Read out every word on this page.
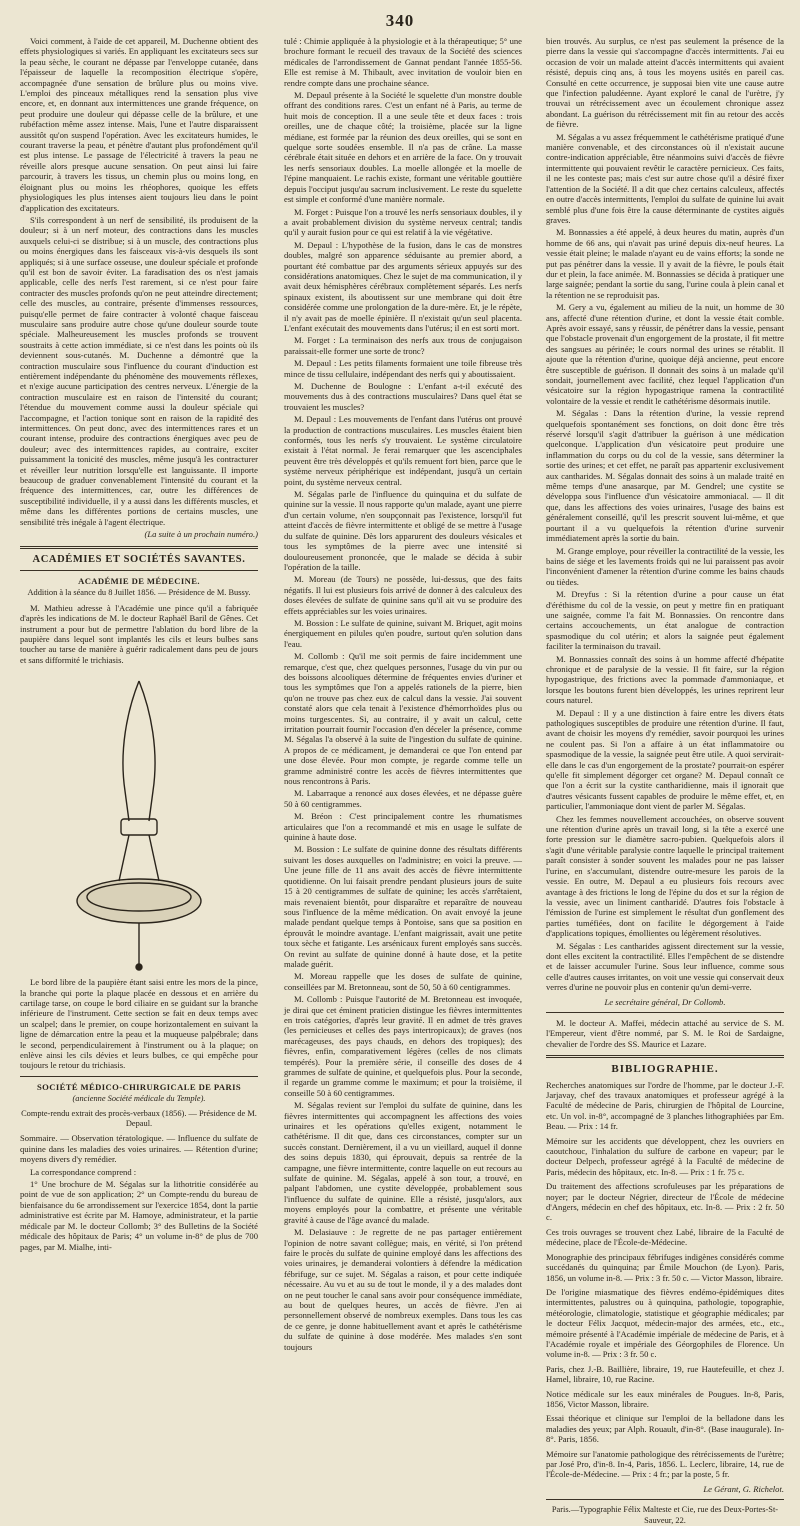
340

Voici comment, à l'aide de cet appareil, M. Duchenne obtient des effets physiologiques si variés. En appliquant les excitateurs secs sur la peau sèche, le courant ne dépasse par l'enveloppe cutanée, dans l'épaisseur de laquelle la recomposition électrique s'opère, accompagnée d'une sensation de brûlure plus ou moins vive. L'emploi des pinceaux métalliques rend la sensation plus vive encore, et, en donnant aux intermittences une grande fréquence, on peut produire une douleur qui dépasse celle de la brûlure, et une rubéfaction même assez intense. Mais, l'une et l'autre disparaissent aussitôt qu'on suspend l'opération. Avec les excitateurs humides, le courant traverse la peau, et pénètre d'autant plus profondément qu'il est plus intense. Le passage de l'électricité à travers la peau ne réveille alors presque aucune sensation. On peut ainsi lui faire parcourir, à travers les tissus, un chemin plus ou moins long, en éloignant plus ou moins les rhéophores, quoique les effets physiologiques les plus intenses aient toujours lieu dans le point d'application des excitateurs.

S'ils correspondent à un nerf de sensibilité, ils produisent de la douleur; si à un nerf moteur, des contractions dans les muscles auxquels celui-ci se distribue; si à un muscle, des contractions plus ou moins énergiques dans les faisceaux vis-à-vis desquels ils sont appliqués; si à une surface osseuse, une douleur spéciale et profonde qu'il est bon de savoir éviter. La faradisation des os n'est jamais applicable, celle des nerfs l'est rarement, si ce n'est pour faire contracter des muscles profonds qu'on ne peut atteindre directement; celle des muscles, au contraire, présente d'immenses ressources, puisqu'elle permet de faire contracter à volonté chaque faisceau musculaire sans produire autre chose qu'une douleur sourde toute spéciale. Malheureusement les muscles profonds se trouvent soustraits à cette action immédiate, si ce n'est dans les points où ils deviennent sous-cutanés. M. Duchenne a démontré que la contraction musculaire sous l'influence du courant d'induction est entièrement indépendante du phénomène des mouvements réflexes, et n'exige aucune participation des centres nerveux. L'énergie de la contraction musculaire est en raison de l'intensité du courant; l'étendue du mouvement comme aussi la douleur spéciale qui l'accompagne, et l'action tonique sont en raison de la rapidité des intermittences. On peut donc, avec des intermittences rares et un courant intense, produire des contractions énergiques avec peu de douleur; avec des intermittences rapides, au contraire, exciter puissamment la tonicité des muscles, même jusqu'à les contracturer et réveiller leur nutrition lorsqu'elle est languissante. Il importe beaucoup de graduer convenablement l'intensité du courant et la fréquence des intermittences, car, outre les différences de susceptibilité individuelle, il y a aussi dans les différents muscles, et même dans les différentes portions de certains muscles, une sensibilité très inégale à l'agent électrique.

(La suite à un prochain numéro.)
ACADÉMIES ET SOCIÉTÉS SAVANTES.
ACADÉMIE DE MÉDECINE.
Addition à la séance du 8 Juillet 1856. — Présidence de M. Bussy.

M. Mathieu adresse à l'Académie une pince qu'il a fabriquée d'après les indications de M. le docteur Raphaël Baril de Gênes. Cet instrument a pour but de permettre l'ablation du bord libre de la paupière dans lequel sont implantés les cils et leurs bulbes sans toucher au tarse de manière à guérir radicalement dans peu de jours et sans difformité le trichiasis.

Le bord libre de la paupière étant saisi entre les mors de la pince, la branche qui porte la plaque placée en dessous et en arrière du cartilage tarse, on coupe le bord ciliaire en se guidant sur la branche inférieure de l'instrument. Cette section se fait en deux temps avec un scalpel; dans le premier, on coupe horizontalement en suivant la ligne de démarcation entre la peau et la muqueuse palpébrale; dans le second, perpendiculairement à l'instrument ou à la plaque; on enlève ainsi les cils dévies et leurs bulbes, ce qui empêche pour toujours le retour du trichiasis.

SOCIÉTÉ MÉDICO-CHIRURGICALE DE PARIS
(ancienne Société médicale du Temple).
Compte-rendu extrait des procès-verbaux (1856). — Présidence de M. Depaul.

Sommaire. — Observation tératologique. — Influence du sulfate de quinine dans les maladies des voies urinaires. — Rétention d'urine; moyens divers d'y remédier.

La correspondance comprend :

1° Une brochure de M. Ségalas sur la lithotritie considérée au point de vue de son application; 2° un Compte-rendu du bureau de bienfaisance du 6e arrondissement sur l'exercice 1854, dont la partie administrative est écrite par M. Hamoye, administrateur, et la partie médicale par M. le docteur Collomb; 3° des Bulletins de la Société médicale des hôpitaux de Paris; 4° un volume in-8° de plus de 700 pages, par M. Mialhe, inti-

tulé : Chimie appliquée à la physiologie et à la thérapeutique; 5° une brochure formant le recueil des travaux de la Société des sciences médicales de l'arrondissement de Gannat pendant l'année 1855-56. Elle est remise à M. Thibault, avec invitation de vouloir bien en rendre compte dans une prochaine séance.

M. Depaul présente à la Société le squelette d'un monstre double offrant des conditions rares. C'est un enfant né à Paris, au terme de huit mois de conception. Il a une seule tête et deux faces : trois oreilles, une de chaque côté; la troisième, placée sur la ligne médiane, est formée par la réunion des deux oreilles, qui se sont en quelque sorte soudées ensemble. Il n'a pas de crâne. La masse cérébrale était située en dehors et en arrière de la face. On y trouvait les nerfs sensoriaux doubles. La moelle allongée et la moelle de l'épine manquaient. Le rachis existe, formant une véritable gouttière depuis l'occiput jusqu'au sacrum inclusivement. Le reste du squelette est simple et conformé d'une manière normale.

M. Forget : Puisque l'on a trouvé les nerfs sensoriaux doubles, il y a avait probablement division du système nerveux central; tandis qu'il y aurait fusion pour ce qui est relatif à la vie végétative.

M. Depaul : L'hypothèse de la fusion, dans le cas de monstres doubles, malgré son apparence séduisante au premier abord, a pourtant été combattue par des arguments sérieux appuyés sur des considérations anatomiques. Chez le sujet de ma communication, il y avait deux hémisphères cérébraux complètement séparés. Les nerfs spinaux existent, ils aboutissent sur une membrane qui doit être considérée comme une prolongation de la dure-mère. Et, je le répète, il n'y avait pas de moelle épinière. Il n'existait qu'un seul placenta. L'enfant exécutait des mouvements dans l'utérus; il en est sorti mort.

M. Forget : La terminaison des nerfs aux trous de conjugaison paraissait-elle former une sorte de tronc?

M. Depaul : Les petits filaments formaient une toile fibreuse très mince de tissu cellulaire, indépendant des nerfs qui y aboutissaient.

M. Duchenne de Boulogne : L'enfant a-t-il exécuté des mouvements dus à des contractions musculaires? Dans quel état se trouvaient les muscles?

M. Depaul : Les mouvements de l'enfant dans l'utérus ont prouvé la production de contractions musculaires. Les muscles étaient bien conformés, tous les nerfs s'y trouvaient. Le système circulatoire existait à l'état normal. Je ferai remarquer que les ascenciphales peuvent être très développés et qu'ils remuent fort bien, parce que le système nerveux périphérique est indépendant, jusqu'à un certain point, du système nerveux central.

M. Ségalas parle de l'influence du quinquina et du sulfate de quinine sur la vessie. Il nous rapporte qu'un malade, ayant une pierre d'un certain volume, n'en soupçonnait pas l'existence, lorsqu'il fut atteint d'accès de fièvre intermittente et obligé de se mettre à l'usage du sulfate de quinine. Dès lors apparurent des douleurs vésicales et tous les symptômes de la pierre avec une intensité si douloureusement prononcée, que le malade se décida à subir l'opération de la taille.

M. Moreau (de Tours) ne possède, lui-dessus, que des faits négatifs. Il lui est plusieurs fois arrivé de donner à des calculeux des doses élevées de sulfate de quinine sans qu'il ait vu se produire des effets appréciables sur les voies urinaires.

M. Bossion : Le sulfate de quinine, suivant M. Briquet, agit moins énergiquement en pilules qu'en poudre, surtout qu'en solution dans l'eau.

M. Collomb : Qu'il me soit permis de faire incidemment une remarque, c'est que, chez quelques personnes, l'usage du vin pur ou des boissons alcooliques détermine de fréquentes envies d'uriner et tous les symptômes que l'on a appelés rationels de la pierre, bien qu'on ne trouve pas chez eux de calcul dans la vessie. J'ai souvent constaté alors que cela tenait à l'existence d'hémorrhoïdes plus ou moins turgescentes. Si, au contraire, il y avait un calcul, cette irritation pourrait fournir l'occasion d'en déceler la présence, comme M. Ségalas l'a observé à la suite de l'ingestion du sulfate de quinine. A propos de ce médicament, je demanderai ce que l'on entend par une dose élevée. Pour mon compte, je regarde comme telle un gramme administré contre les accès de fièvres intermittentes que nous rencontrons à Paris.

M. Labarraque a renoncé aux doses élevées, et ne dépasse guère 50 à 60 centigrammes.

M. Bréon : C'est principalement contre les rhumatismes articulaires que l'on a recommandé et mis en usage le sulfate de quinine à haute dose.

M. Bossion : Le sulfate de quinine donne des résultats différents suivant les doses auxquelles on l'administre; en voici la preuve. — Une jeune fille de 11 ans avait des accès de fièvre intermittente quotidienne. On lui faisait prendre pendant plusieurs jours de suite 15 à 20 centigrammes de sulfate de quinine; les accès s'arrêtaient, mais revenaient bientôt, pour disparaître et reparaître de nouveau sous l'influence de la même médication. On avait envoyé la jeune malade pendant quelque temps à Pontoise, sans que sa position en éprouvât le moindre avantage. L'enfant maigrissait, avait une petite toux sèche et fatigante. Les arsénicaux furent employés sans succès. On revint au sulfate de quinine donné à haute dose, et la petite malade guérit.

M. Moreau rappelle que les doses de sulfate de quinine, conseillées par M. Bretonneau, sont de 50, 50 à 60 centigrammes.

M. Collomb : Puisque l'autorité de M. Bretonneau est invoquée, je dirai que cet éminent praticien distingue les fièvres intermittentes en trois catégories, d'après leur gravité. Il en admet de très graves (les pernicieuses et celles des pays intertropicaux); de graves (nos marécageuses, des pays chauds, en dehors des tropiques); des fièvres, enfin, comparativement légères (celles de nos climats tempérés). Pour la première série, il conseille des doses de 4 grammes de sulfate de quinine, et quelquefois plus. Pour la seconde, il regarde un gramme comme le maximum; et pour la troisième, il conseille 50 à 60 centigrammes.

M. Ségalas revient sur l'emploi du sulfate de quinine, dans les fièvres intermittentes qui accompagnent les affections des voies urinaires et les opérations qu'elles exigent, notamment le cathétérisme. Il dit que, dans ces circonstances, compter sur un succès constant. Dernièrement, il a vu un vieillard, auquel il donne des soins depuis 1830, qui éprouvait, depuis sa rentrée de la campagne, une fièvre intermittente, contre laquelle on eut recours au sulfate de quinine. M. Ségalas, appelé à son tour, a trouvé, en palpant l'abdomen, une cystite développée, probablement sous l'influence du sulfate de quinine. Elle a résisté, jusqu'alors, aux moyens employés pour la combattre, et présente une véritable gravité à cause de l'âge avancé du malade.

M. Delasiauve : Je regrette de ne pas partager entièrement l'opinion de notre savant collègue; mais, en vérité, si l'on prétend faire le procès du sulfate de quinine employé dans les affections des voies urinaires, je demanderai volontiers à défendre la médication fébrifuge, sur ce sujet. M. Ségalas a raison, et pour cette indiquée nécessaire. Au vu et au su de tout le monde, il y a des malades dont on ne peut toucher le canal sans avoir pour conséquence immédiate, au bout de quelques heures, un accès de fièvre. J'en ai personnellement observé de nombreux exemples. Dans tous les cas de ce genre, je donne habituellement avant et après le cathétérisme du sulfate de quinine à dose modérée. Mes malades s'en sont toujours

bien trouvés. Au surplus, ce n'est pas seulement la présence de la pierre dans la vessie qui s'accompagne d'accès intermittents. J'ai eu occasion de voir un malade atteint d'accès intermittents qui avaient résisté, depuis cinq ans, à tous les moyens usités en pareil cas. Consulté en cette occurrence, je supposai bien vite une cause autre que l'infection paludéenne. Ayant exploré le canal de l'urètre, j'y trouvai un rétrécissement avec un écoulement chronique assez abondant. La guérison du rétrécissement mit fin au retour des accès de fièvre.

M. Ségalas a vu assez fréquemment le cathétérisme pratiqué d'une manière convenable, et des circonstances où il n'existait aucune contre-indication appréciable, être néanmoins suivi d'accès de fièvre intermittente qui pouvaient revêtir le caractère pernicieux. Ces faits, il ne les conteste pas; mais c'est sur autre chose qu'il a désiré fixer l'attention de la Société. Il a dit que chez certains calculeux, affectés en outre d'accès intermittents, l'emploi du sulfate de quinine lui avait semblé plus d'une fois être la cause déterminante de cystites aiguës graves.

M. Bonnassies a été appelé, à deux heures du matin, auprès d'un homme de 66 ans, qui n'avait pas uriné depuis dix-neuf heures. La vessie était pleine; le malade n'ayant eu de vains efforts; la sonde ne put pas pénétrer dans la vessie. Il y avait de la fièvre, le pouls était dur et plein, la face animée. M. Bonnassies se décida à pratiquer une large saignée; pendant la sortie du sang, l'urine coula à plein canal et la rétention ne se reproduisit pas.

M. Gery a vu, également au milieu de la nuit, un homme de 30 ans, affecté d'une rétention d'urine, et dont la vessie était comble. Après avoir essayé, sans y réussir, de pénétrer dans la vessie, pensant que l'obstacle provenait d'un engorgement de la prostate, il fit mettre des sangsues au périnée; le cours normal des urines se rétablit. Il ajoute que la rétention d'urine, quoique déjà ancienne, peut encore être susceptible de guérison. Il donnait des soins à un malade qu'il sondait, journellement avec facilité, chez lequel l'application d'un vésicatoire sur la région hypogastrique ramena la contractilité volontaire de la vessie et rendit le cathétérisme désormais inutile.

M. Ségalas : Dans la rétention d'urine, la vessie reprend quelquefois spontanément ses fonctions, on doit donc être très réservé lorsqu'il s'agit d'attribuer la guérison à une médication quelconque. L'application d'un vésicatoire peut produire une inflammation du corps ou du col de la vessie, sans déterminer la sortie des urines; et cet effet, ne paraît pas appartenir exclusivement aux cantharides. M. Ségalas donnait des soins à un malade traité en même temps d'une anasarque, par M. Gendrel; une cystite se développa sous l'influence d'un vésicatoire ammoniacal. — Il dit que, dans les affections des voies urinaires, l'usage des bains est généralement conseillé, qu'il les prescrit souvent lui-même, et que pourtant il a vu quelquefois la rétention d'urine survenir immédiatement après la sortie du bain.

M. Grange employe, pour réveiller la contractilité de la vessie, les bains de siége et les lavements froids qui ne lui paraissent pas avoir l'inconvénient d'amener la rétention d'urine comme les bains chauds ou tièdes.

M. Dreyfus : Si la rétention d'urine a pour cause un état d'éréthisme du col de la vessie, on peut y mettre fin en pratiquant une saignée, comme l'a fait M. Bonnassies. On rencontre dans certains accouchements, un état analogue de contraction spasmodique du col utérin; et alors la saignée peut également faciliter la terminaison du travail.

M. Bonnassies connaît des soins à un homme affecté d'hépatite chronique et de paralysie de la vessie. Il fit faire, sur la région hypogastrique, des frictions avec la pommade d'ammoniaque, et lorsque les boutons furent bien développés, les urines reprirent leur cours naturel.

M. Depaul : Il y a une distinction à faire entre les divers états pathologiques susceptibles de produire une rétention d'urine. Il faut, avant de choisir les moyens d'y remédier, savoir pourquoi les urines ne coulent pas. Si l'on a affaire à un état inflammatoire ou spasmodique de la vessie, la saignée peut être utile. A quoi servirait-elle dans le cas d'un engorgement de la prostate? pourrait-on espérer qu'elle fit simplement dégorger cet organe? M. Depaul connaît ce que l'on a écrit sur la cystite cantharidienne, mais il ignorait que d'autres vésicants fussent capables de produire le même effet, et, en particulier, l'ammoniaque dont vient de parler M. Ségalas.

Chez les femmes nouvellement accouchées, on observe souvent une rétention d'urine après un travail long, si la tête a exercé une forte pression sur le diamètre sacro-pubien. Quelquefois alors il s'agit d'une véritable paralysie contre laquelle le principal traitement paraît consister à sonder souvent les malades pour ne pas laisser l'urine, en s'accumulant, distendre outre-mesure les parois de la vessie. En outre, M. Depaul a eu plusieurs fois recours avec avantage à des frictions le long de l'épine du dos et sur la région de la vessie, avec un liniment cantharidé. D'autres fois l'obstacle à l'émission de l'urine est simplement le résultat d'un gonflement des parties tuméfiées, dont on facilite le dégorgement à l'aide d'applications topiques, émollientes ou légèrement résolutives.

M. Ségalas : Les cantharides agissent directement sur la vessie, dont elles excitent la contractilité. Elles l'empêchent de se distendre et de laisser accumuler l'urine. Sous leur influence, comme sous celle d'autres causes irritantes, on voit une vessie qui conservait deux verres d'urine ne pouvoir plus en contenir qu'un demi-verre.

Le secrétaire général, Dr Collomb.

M. le docteur A. Maffei, médecin attaché au service de S. M. l'Empereur, vient d'être nommé, par S. M. le Roi de Sardaigne, chevalier de l'ordre des SS. Maurice et Lazare.

BIBLIOGRAPHIE.

Recherches anatomiques sur l'ordre de l'homme, par le docteur J.-F. Jarjavay, chef des travaux anatomiques et professeur agrégé à la Faculté de médecine de Paris, chirurgien de l'hôpital de Lourcine, etc. Un vol. in-8°, accompagné de 3 planches lithographiées par Em. Beau. — Prix : 14 fr.

Mémoire sur les accidents que développent, chez les ouvriers en caoutchouc, l'inhalation du sulfure de carbone en vapeur; par le docteur Delpech, professeur agrégé à la Faculté de médecine de Paris, médecin des hôpitaux, etc. In-8. — Prix : 1 fr. 75 c.

Du traitement des affections scrofuleuses par les préparations de noyer; par le docteur Négrier, directeur de l'École de médecine d'Angers, médecin en chef des hôpitaux, etc. In-8. — Prix : 2 fr. 50 c.

Ces trois ouvrages se trouvent chez Labé, libraire de la Faculté de médecine, place de l'École-de-Médecine.

Monographie des principaux fébrifuges indigènes considérés comme succédanés du quinquina; par Émile Mouchon (de Lyon). Paris, 1856, un volume in-8. — Prix : 3 fr. 50 c. — Victor Masson, libraire.

De l'origine miasmatique des fièvres endémo-épidémiques dites intermittentes, palustres ou à quinquina, pathologie, topographie, météorologie, climatologie, statistique et géographie médicales; par le docteur Félix Jacquot, médecin-major des armées, etc., etc., mémoire présenté à l'Académie impériale de médecine de Paris, et à l'Académie royale et impériale des Géorgophiles de Florence. Un volume in-8. — Prix : 3 fr. 50 c.

Paris, chez J.-B. Baillière, libraire, 19, rue Hautefeuille, et chez J. Hamel, libraire, 10, rue Racine.

Notice médicale sur les eaux minérales de Pougues. In-8, Paris, 1856, Victor Masson, libraire.

Essai théorique et clinique sur l'emploi de la belladone dans les maladies des yeux; par Alph. Rouault, d'in-8°. (Base inaugurale). In-8°. Paris, 1856.

Mémoire sur l'anatomie pathologique des rétrécissements de l'urètre; par José Pro, d'in-8. In-4, Paris, 1856. L. Leclerc, libraire, 14, rue de l'École-de-Médecine. — Prix : 4 fr.; par la poste, 5 fr.

Le Gérant, G. Richelot.
Paris.—Typographie Félix Malteste et Cie, rue des Deux-Portes-St-Sauveur, 22.
